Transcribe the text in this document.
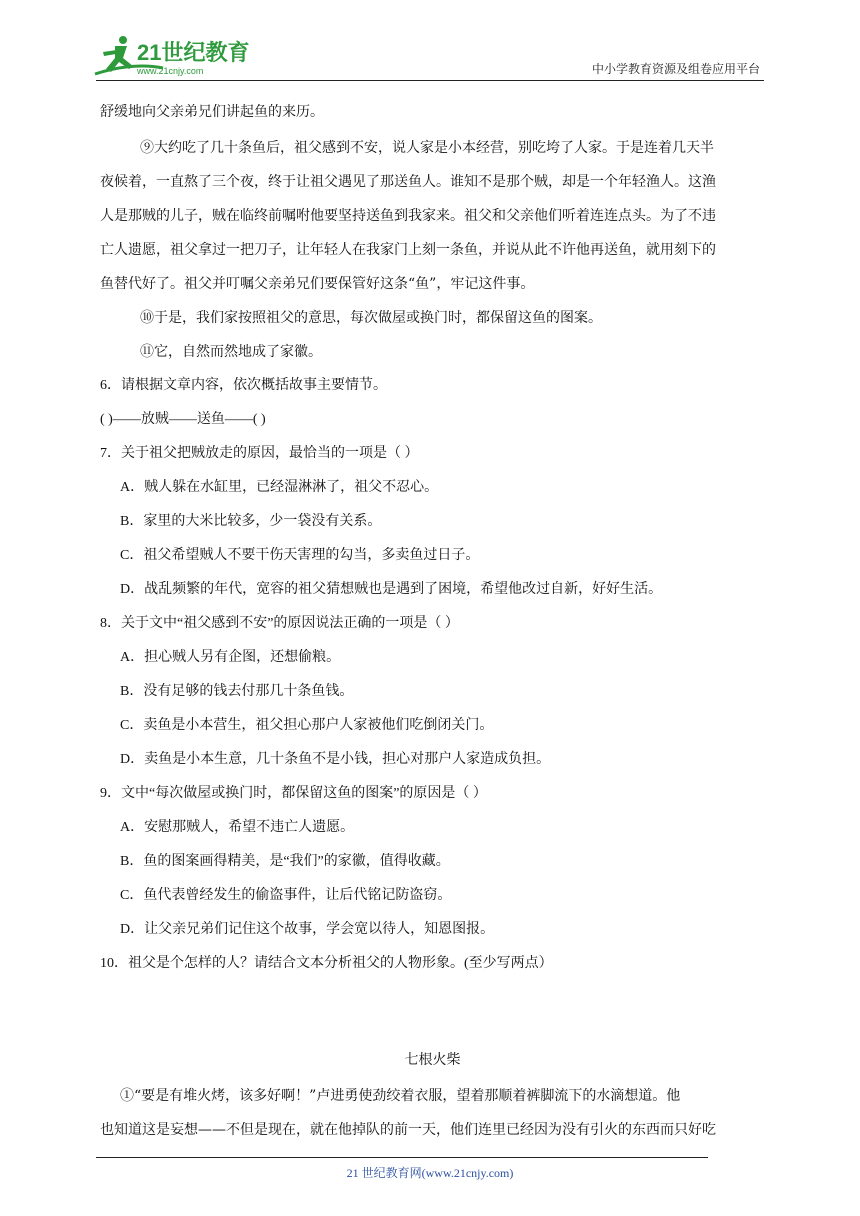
21世纪教育
www.21cnjy.com	中小学教育资源及组卷应用平台
舒缓地向父亲弟兄们讲起鱼的来历。
⑨大约吃了几十条鱼后，祖父感到不安，说人家是小本经营，别吃垮了人家。于是连着几天半
夜候着，一直熬了三个夜，终于让祖父遇见了那送鱼人。谁知不是那个贼，却是一个年轻渔人。这渔
人是那贼的儿子，贼在临终前嘱咐他要坚持送鱼到我家来。祖父和父亲他们听着连连点头。为了不违
亡人遗愿，祖父拿过一把刀子，让年轻人在我家门上刻一条鱼，并说从此不许他再送鱼，就用刻下的
鱼替代好了。祖父并叮嘱父亲弟兄们要保管好这条“鱼”，牢记这件事。
⑩于是，我们家按照祖父的意思，每次做屋或换门时，都保留这鱼的图案。
⑪它，自然而然地成了家徽。
6．请根据文章内容，依次概括故事主要情节。
( )——放贼——送鱼——( )
7．关于祖父把贼放走的原因，最恰当的一项是（ ）
A．贼人躲在水缸里，已经湿淋淋了，祖父不忍心。
B．家里的大米比较多，少一袋没有关系。
C．祖父希望贼人不要干伤天害理的勾当，多卖鱼过日子。
D．战乱频繁的年代，宽容的祖父猜想贼也是遇到了困境，希望他改过自新，好好生活。
8．关于文中“祖父感到不安”的原因说法正确的一项是（ ）
A．担心贼人另有企图，还想偷粮。
B．没有足够的钱去付那几十条鱼钱。
C．卖鱼是小本营生，祖父担心那户人家被他们吃倒闭关门。
D．卖鱼是小本生意，几十条鱼不是小钱，担心对那户人家造成负担。
9．文中“每次做屋或换门时，都保留这鱼的图案”的原因是（ ）
A．安慰那贼人，希望不违亡人遗愿。
B．鱼的图案画得精美，是“我们”的家徽，值得收藏。
C．鱼代表曾经发生的偷盗事件，让后代铭记防盗窃。
D．让父亲兄弟们记住这个故事，学会宽以待人，知恩图报。
10．祖父是个怎样的人？请结合文本分析祖父的人物形象。(至少写两点）
七根火柴
①“要是有堆火烤，该多好啊！”卢进勇使劲绞着衣服，望着那顺着裤脚流下的水滴想道。他
也知道这是妄想——不但是现在，就在他掉队的前一天，他们连里已经因为没有引火的东西而只好吃
21 世纪教育网(www.21cnjy.com)
